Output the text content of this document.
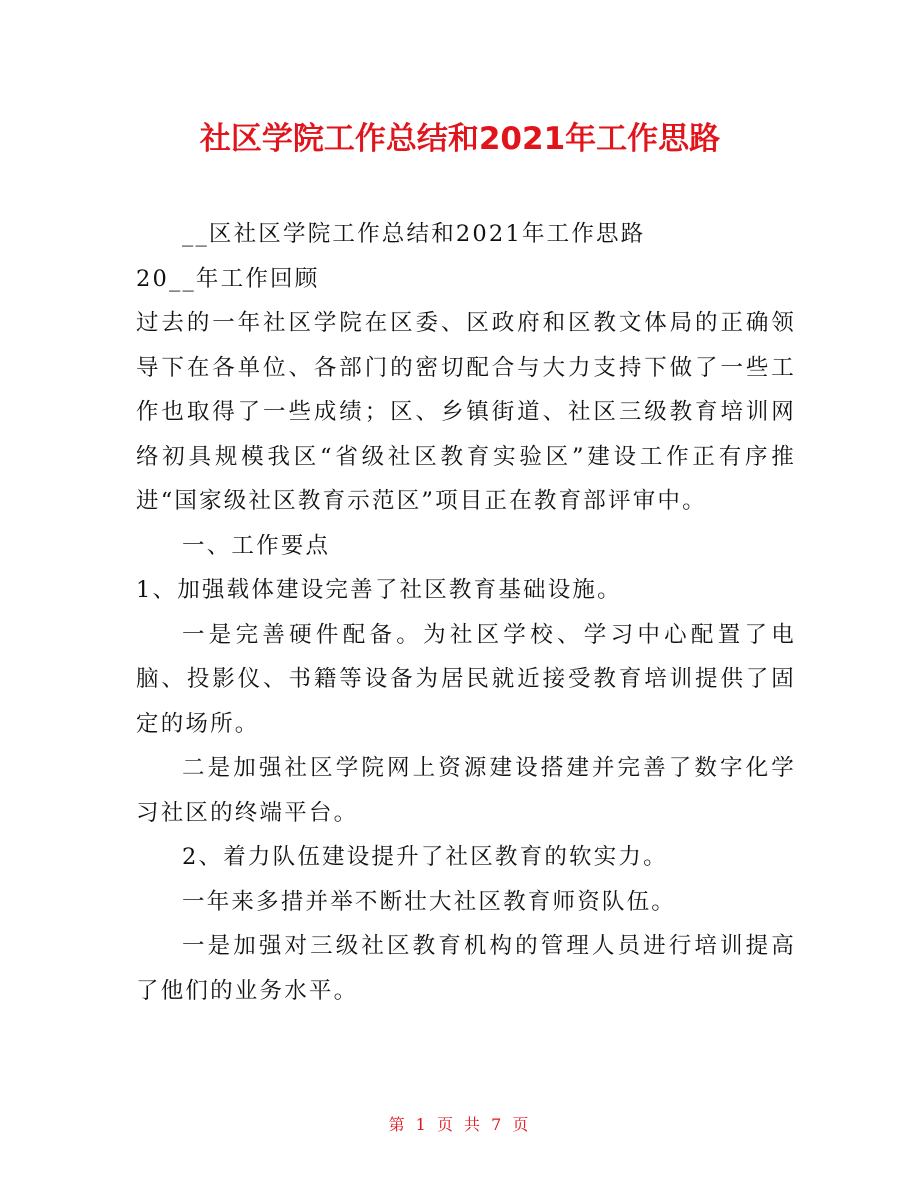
社区学院工作总结和2021年工作思路

__区社区学院工作总结和2021年工作思路

20__年工作回顾

过去的一年社区学院在区委、区政府和区教文体局的正确领导下在各单位、各部门的密切配合与大力支持下做了一些工作也取得了一些成绩；区、乡镇街道、社区三级教育培训网络初具规模我区“省级社区教育实验区”建设工作正有序推进“国家级社区教育示范区”项目正在教育部评审中。

一、工作要点

1、加强载体建设完善了社区教育基础设施。

一是完善硬件配备。为社区学校、学习中心配置了电脑、投影仪、书籍等设备为居民就近接受教育培训提供了固定的场所。

二是加强社区学院网上资源建设搭建并完善了数字化学习社区的终端平台。

2、着力队伍建设提升了社区教育的软实力。

一年来多措并举不断壮大社区教育师资队伍。

一是加强对三级社区教育机构的管理人员进行培训提高了他们的业务水平。

第 1 页 共 7 页
